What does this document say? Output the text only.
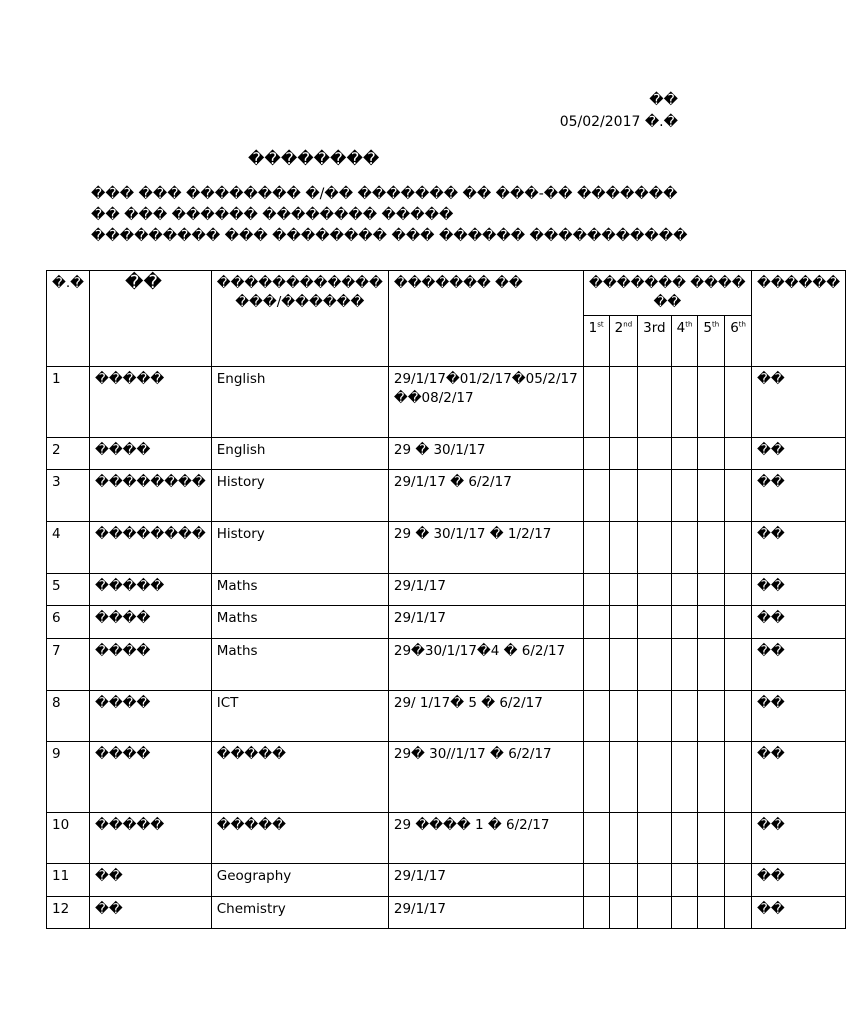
��
05/02/2017 �.�
��������
��� ��� �������� �/�� ������� �� ���-�� ������� �� ��� ������ �������� �����
��������� ��� �������� ��� ������ �����������
�.�	��	������������ ���/������	������� ��	������� ���� ��						������
				1st	2nd	3rd	4th	5th	6th
1	�����	English	29/1/17�01/2/17�05/2/17 ��08/2/17							��
2	����	English	29 � 30/1/17							��
3	��������	History	29/1/17 � 6/2/17							��
4	��������	History	29 � 30/1/17 � 1/2/17							��
5	�����	Maths	29/1/17							��
6	����	Maths	29/1/17							��
7	����	Maths	29�30/1/17�4 � 6/2/17							��
8	����	ICT	29/ 1/17� 5 � 6/2/17							��
9	����	�����	29� 30//1/17 � 6/2/17							��
10	�����	�����	29 ���� 1 � 6/2/17							��
11	��	Geography	29/1/17							��
12	��	Chemistry	29/1/17							��
